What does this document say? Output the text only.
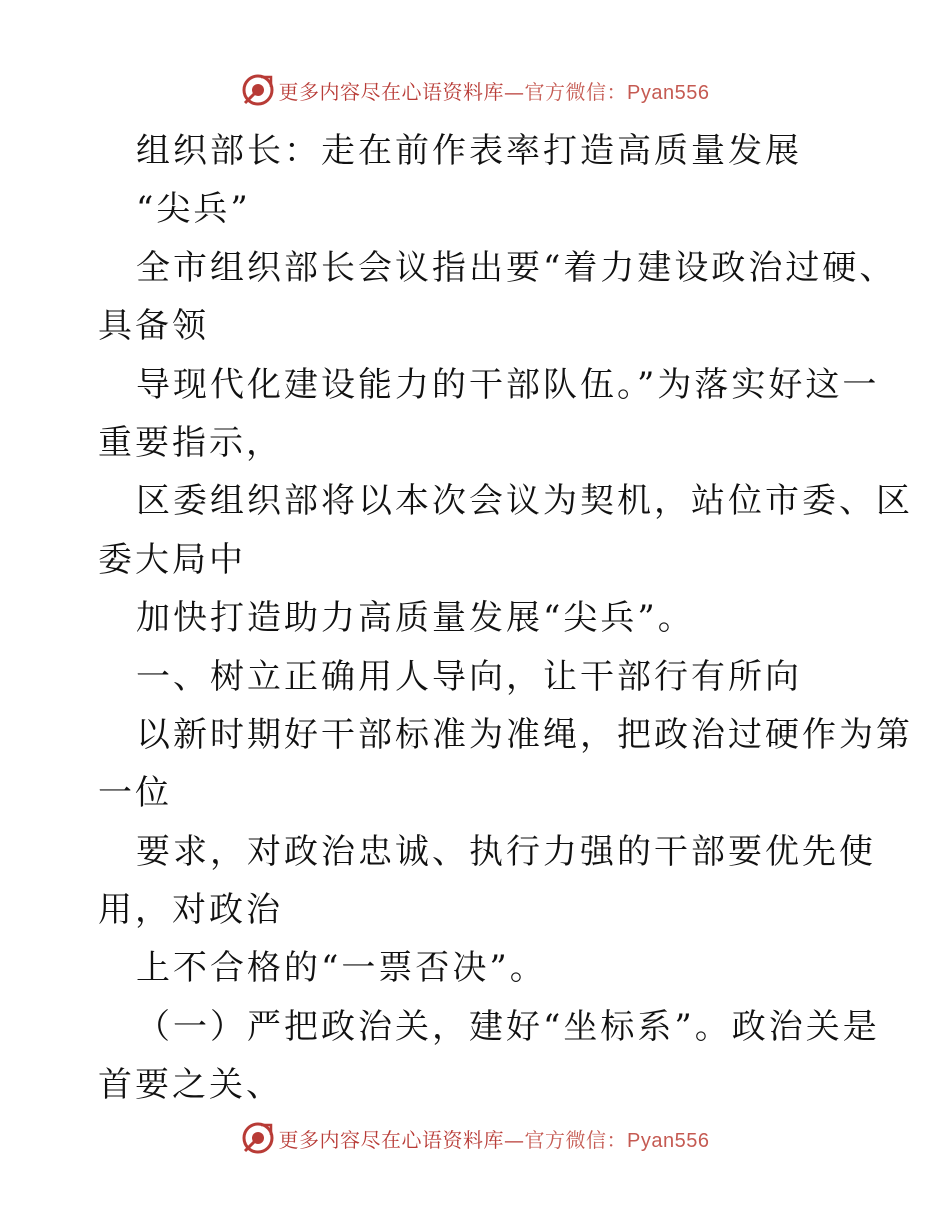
更多内容尽在心语资料库—官方微信：Pyan556
组织部长：走在前作表率打造高质量发展
“尖兵”
全市组织部长会议指出要“着力建设政治过硬、
具备领
导现代化建设能力的干部队伍。”为落实好这一
重要指示，
区委组织部将以本次会议为契机，站位市委、区
委大局中
加快打造助力高质量发展“尖兵”。
一、树立正确用人导向，让干部行有所向
以新时期好干部标准为准绳，把政治过硬作为第
一位
要求，对政治忠诚、执行力强的干部要优先使
用，对政治
上不合格的“一票否决”。
（一）严把政治关，建好“坐标系”。政治关是
首要之关、
更多内容尽在心语资料库—官方微信：Pyan556
